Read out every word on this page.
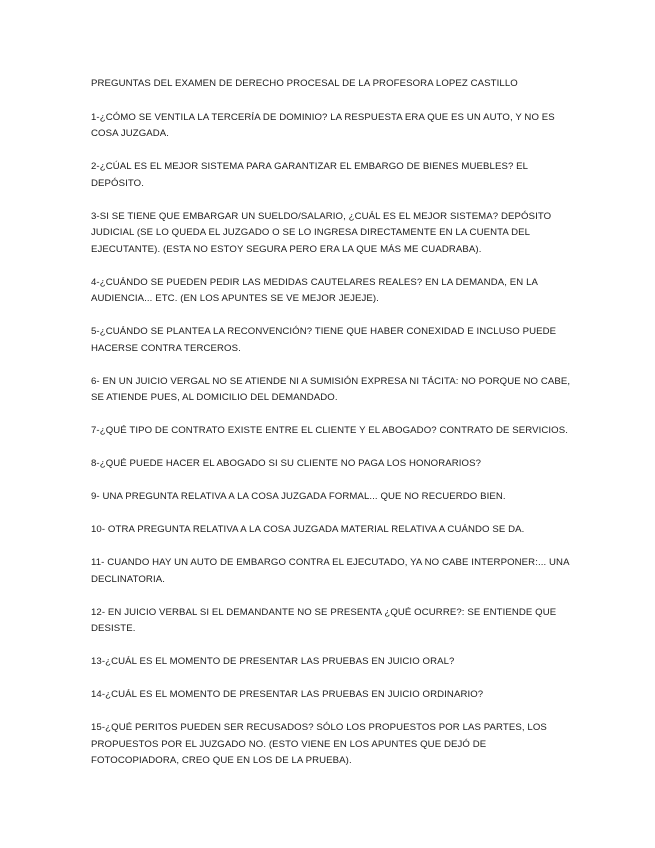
PREGUNTAS DEL EXAMEN DE DERECHO PROCESAL DE LA PROFESORA LOPEZ CASTILLO

1-¿CÓMO SE VENTILA LA TERCERÍA DE DOMINIO? LA RESPUESTA ERA QUE ES UN AUTO, Y NO ES COSA JUZGADA.

2-¿CÚAL ES EL MEJOR SISTEMA PARA GARANTIZAR EL EMBARGO DE BIENES MUEBLES? EL DEPÓSITO.

3-SI SE TIENE QUE EMBARGAR UN SUELDO/SALARIO, ¿CUÁL ES EL MEJOR SISTEMA? DEPÓSITO JUDICIAL (SE LO QUEDA EL JUZGADO O SE LO INGRESA DIRECTAMENTE EN LA CUENTA DEL EJECUTANTE). (ESTA NO ESTOY SEGURA PERO ERA LA QUE MÁS ME CUADRABA).

4-¿CUÁNDO SE PUEDEN PEDIR LAS MEDIDAS CAUTELARES REALES? EN LA DEMANDA, EN LA AUDIENCIA... ETC. (EN LOS APUNTES SE VE MEJOR JEJEJE).

5-¿CUÁNDO SE PLANTEA LA RECONVENCIÓN? TIENE QUE HABER CONEXIDAD E INCLUSO PUEDE HACERSE CONTRA TERCEROS.

6- EN UN JUICIO VERGAL NO SE ATIENDE NI A SUMISIÓN EXPRESA NI TÁCITA: NO PORQUE NO CABE, SE ATIENDE PUES, AL DOMICILIO DEL DEMANDADO.

7-¿QUÉ TIPO DE CONTRATO EXISTE ENTRE EL CLIENTE Y EL ABOGADO? CONTRATO DE SERVICIOS.

8-¿QUÉ PUEDE HACER EL ABOGADO SI SU CLIENTE NO PAGA LOS HONORARIOS?

9- UNA PREGUNTA RELATIVA A LA COSA JUZGADA FORMAL... QUE NO RECUERDO BIEN.

10- OTRA PREGUNTA RELATIVA A LA COSA JUZGADA MATERIAL RELATIVA A CUÁNDO SE DA.

11- CUANDO HAY UN AUTO DE EMBARGO CONTRA EL EJECUTADO, YA NO CABE INTERPONER:... UNA DECLINATORIA.

12- EN JUICIO VERBAL SI EL DEMANDANTE NO SE PRESENTA ¿QUÉ OCURRE?: SE ENTIENDE QUE DESISTE.

13-¿CUÁL ES EL MOMENTO DE PRESENTAR LAS PRUEBAS EN JUICIO ORAL?

14-¿CUÁL ES EL MOMENTO DE PRESENTAR LAS PRUEBAS EN JUICIO ORDINARIO?

15-¿QUÉ PERITOS PUEDEN SER RECUSADOS? SÓLO LOS PROPUESTOS POR LAS PARTES, LOS PROPUESTOS POR EL JUZGADO NO. (ESTO VIENE EN LOS APUNTES QUE DEJÓ DE FOTOCOPIADORA, CREO QUE EN LOS DE LA PRUEBA).
